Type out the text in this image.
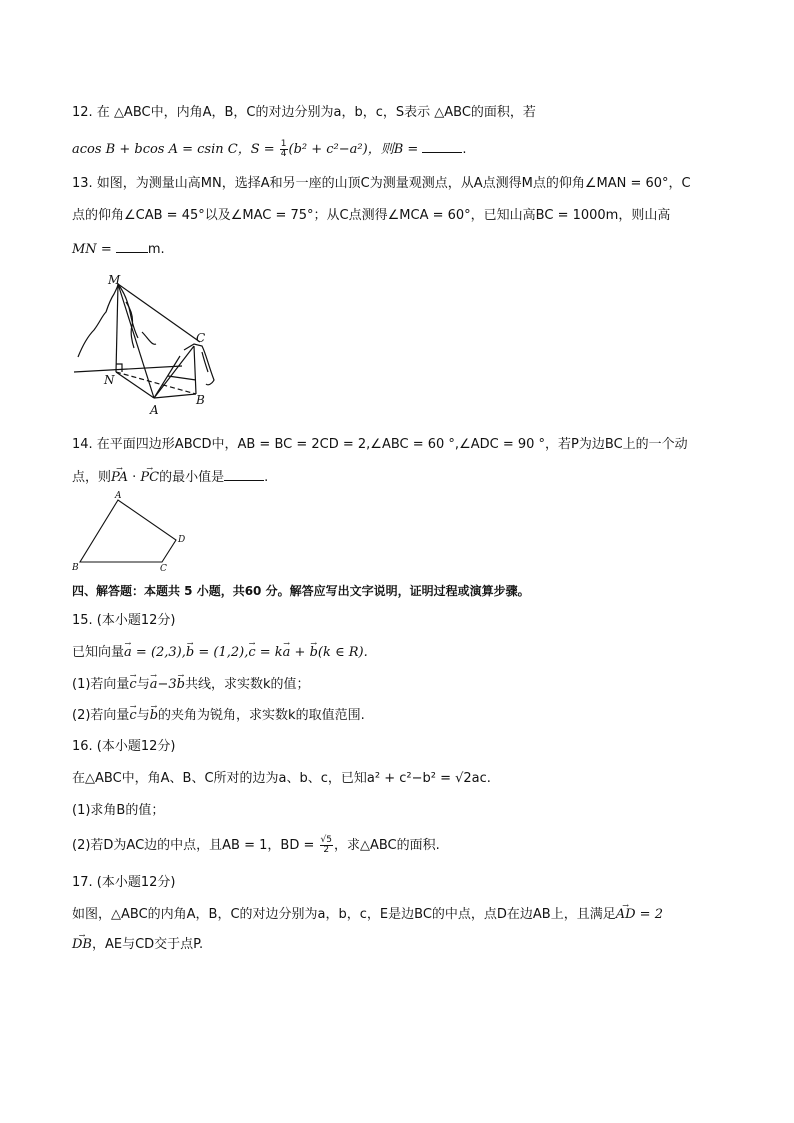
12. 在 △ABC中，内角A，B，C的对边分别为a，b，c，S表示 △ABC的面积，若
acos B + bcos A = csin C，$S = \frac{1}{4} (b^2 + c^2-a^2)$，则B =	.
13. 如图，为测量山高MN，选择A和另一座的山顶C为测量观测点，从A点测得M点的仰角∠MAN = 60°，C
点的仰角∠CAB = 45°以及∠MAC = 75°；从C点测得∠MCA = 60°，已知山高BC = 1000m，则山高
MN = m.
M
C
N
A
B
14. 在平面四边形ABCD中，AB = BC = 2CD = 2,∠ABC = 60 °,∠ADC = 90 °，若P为边BC上的一个动
点，则→ PA · → PC的最小值是	.
A
B	C
D
四、解答题：本题共 5 小题，共60 分。解答应写出文字说明，证明过程或演算步骤。
15. (本小题12分)
已知向量→ a = (2,3),→ b = (1,2),→ c = k→ a + → b(k ∈ R).
(1)若向量→ c与→ a−3→ b共线，求实数k的值；
(2)若向量→ c与→ b的夹角为锐角，求实数k的取值范围.
16. (本小题12分)
在△ABC中，角A、B、C所对的边为a、b、c，已知a² + c²−b² = √2ac.
(1)求角B的值；
(2)若D为AC边的中点，且AB = 1，BD = $\frac{√5}{2}$ ，求△ABC的面积.
17. (本小题12分)
如图，△ABC的内角A，B，C的对边分别为a，b，c，E是边BC的中点，点D在边AB上，且满足→ AD = 2
→ DB，AE与CD交于点P.
